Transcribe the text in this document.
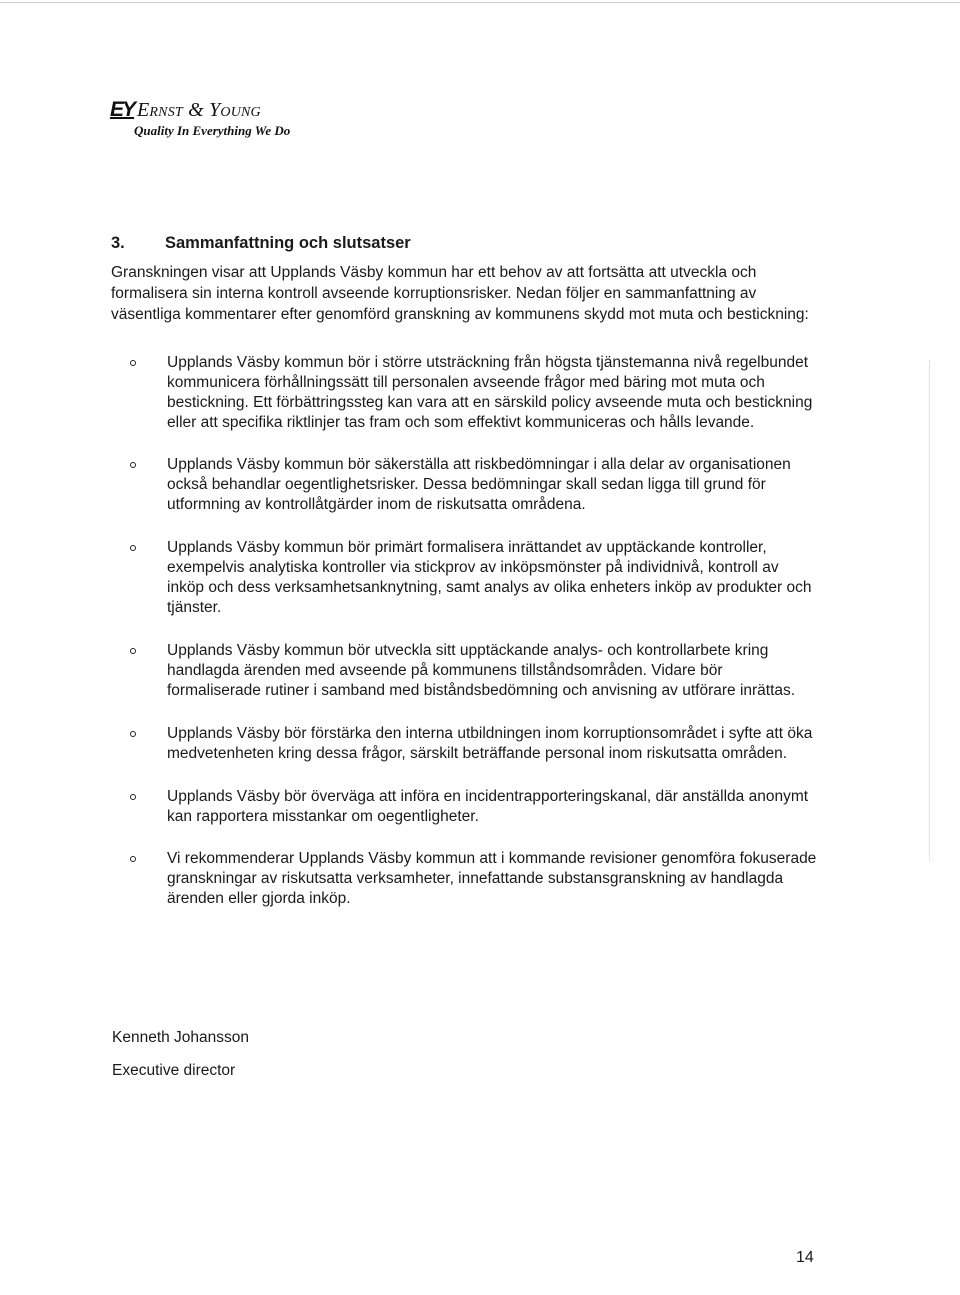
EY Ernst & Young
Quality In Everything We Do
3.	Sammanfattning och slutsatser

Granskningen visar att Upplands Väsby kommun har ett behov av att fortsätta att utveckla och formalisera sin interna kontroll avseende korruptionsrisker. Nedan följer en sammanfattning av väsentliga kommentarer efter genomförd granskning av kommunens skydd mot muta och bestickning:

Upplands Väsby kommun bör i större utsträckning från högsta tjänstemanna nivå regelbundet kommunicera förhållningssätt till personalen avseende frågor med bäring mot muta och bestickning. Ett förbättringssteg kan vara att en särskild policy avseende muta och bestickning eller att specifika riktlinjer tas fram och som effektivt kommuniceras och hålls levande.
Upplands Väsby kommun bör säkerställa att riskbedömningar i alla delar av organisationen också behandlar oegentlighetsrisker. Dessa bedömningar skall sedan ligga till grund för utformning av kontrollåtgärder inom de riskutsatta områdena.
Upplands Väsby kommun bör primärt formalisera inrättandet av upptäckande kontroller, exempelvis analytiska kontroller via stickprov av inköpsmönster på individnivå, kontroll av inköp och dess verksamhetsanknytning, samt analys av olika enheters inköp av produkter och tjänster.
Upplands Väsby kommun bör utveckla sitt upptäckande analys- och kontrollarbete kring handlagda ärenden med avseende på kommunens tillståndsområden. Vidare bör formaliserade rutiner i samband med biståndsbedömning och anvisning av utförare inrättas.
Upplands Väsby bör förstärka den interna utbildningen inom korruptionsområdet i syfte att öka medvetenheten kring dessa frågor, särskilt beträffande personal inom riskutsatta områden.
Upplands Väsby bör överväga att införa en incidentrapporteringskanal, där anställda anonymt kan rapportera misstankar om oegentligheter.
Vi rekommenderar Upplands Väsby kommun att i kommande revisioner genomföra fokuserade granskningar av riskutsatta verksamheter, innefattande substansgranskning av handlagda ärenden eller gjorda inköp.
Kenneth Johansson
Executive director
14
